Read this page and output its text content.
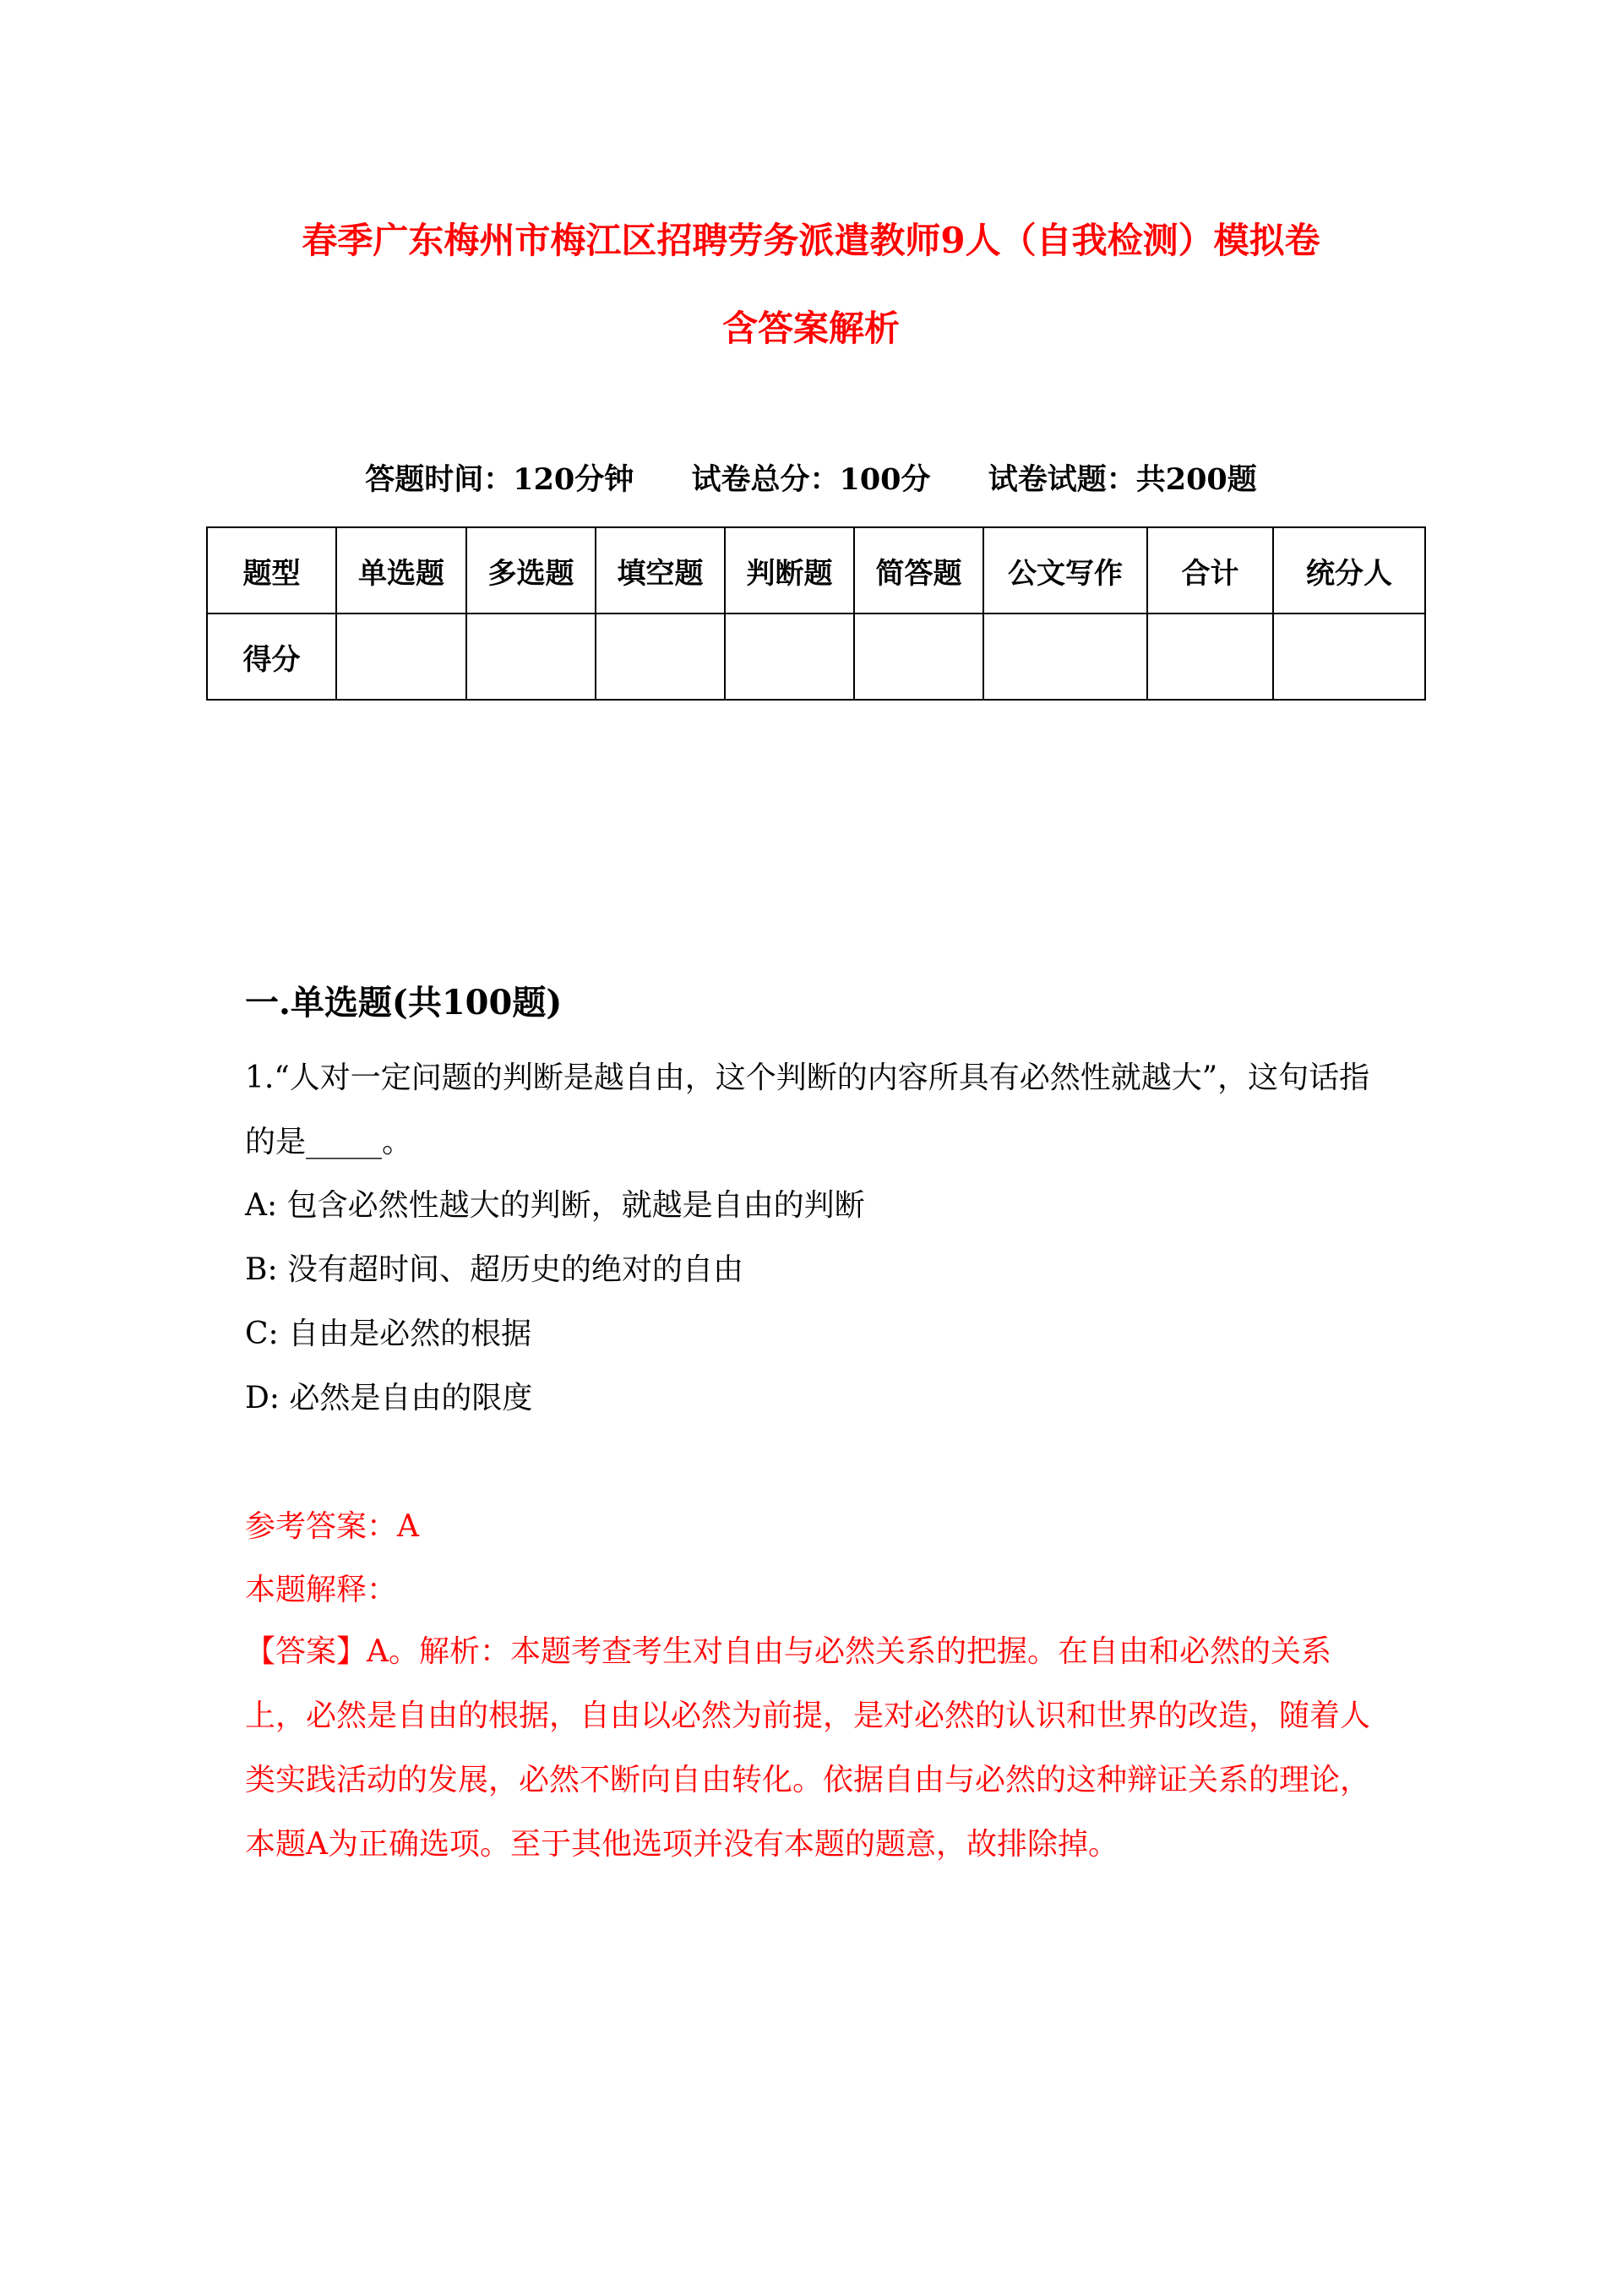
春季广东梅州市梅江区招聘劳务派遣教师9人（自我检测）模拟卷
含答案解析
答题时间：120分钟 试卷总分：100分 试卷试题：共200题
题型	单选题	多选题	填空题	判断题	简答题	公文写作	合计	统分人
得分								
一.单选题(共100题)
1.“人对一定问题的判断是越自由，这个判断的内容所具有必然性就越大”，这句话指的是_____。
A: 包含必然性越大的判断，就越是自由的判断
B: 没有超时间、超历史的绝对的自由
C: 自由是必然的根据
D: 必然是自由的限度
参考答案：A
本题解释：
【答案】A。解析：本题考查考生对自由与必然关系的把握。在自由和必然的关系上，必然是自由的根据，自由以必然为前提，是对必然的认识和世界的改造，随着人类实践活动的发展，必然不断向自由转化。依据自由与必然的这种辩证关系的理论，本题A为正确选项。至于其他选项并没有本题的题意，故排除掉。
